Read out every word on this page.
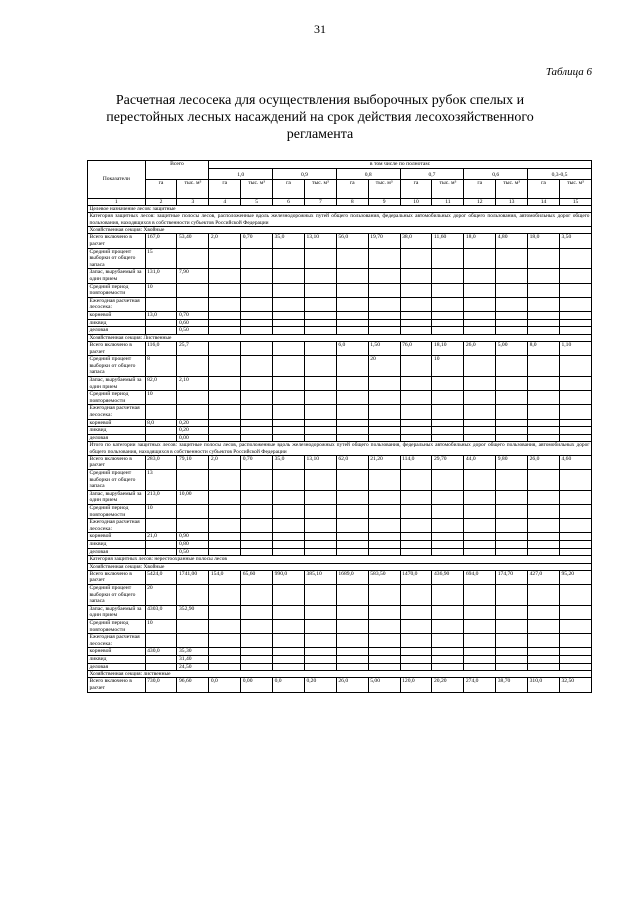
31
Таблица 6
Расчетная лесосека для осуществления выборочных рубок спелых и перестойных лесных насаждений на срок действия лесохозяйственного регламента
Показатели	Всего		в том числе по полнотам:											
			1,0		0,9		0,8		0,7		0,6		0,3-0,5	
	га	тыс. м³	га	тыс. м³	га	тыс. м³	га	тыс. м³	га	тыс. м³	га	тыс. м³	га	тыс. м³
1	2	3	4	5	6	7	8	9	10	11	12	13	14	15
Целевое назначение лесов: защитные														
Категория защитных лесов: защитные полосы лесов, расположенные вдоль железнодорожных путей общего пользования, федеральных автомобильных дорог общего пользования, автомобильных дорог общего пользования, находящихся в собственности субъектов Российской Федерации														
Хозяйственная секция: Хвойные														
Всего включено в расчет	167,0	53,40	2,0	0,70	35,0	13,10	56,0	19,70	38,0	11,60	18,0	4,80	18,0	3,50
Средний процент выборки от общего запаса	15													
Запас, вырубаемый за один прием	131,0	7,90												
Средний период повторяемости	10													
Ежегодная расчетная лесосека:														
корневой	13,0	0,70												
ликвид		0,60												
деловая		0,50												
Хозяйственная секция: Лиственные														
Всего включено в расчет	116,0	25,7					6,0	1,50	76,0	18,10	26,0	5,00	8,0	1,10
Средний процент выборки от общего запаса	8							20		10				
Запас, вырубаемый за один прием	82,0	2,10												
Средний период повторяемости	10													
Ежегодная расчетная лесосека:														
корневой	8,0	0,20												
ликвид		0,20												
деловая		0,00												
Итого по категории защитных лесов: защитные полосы лесов, расположенные вдоль железнодорожных путей общего пользования, федеральных автомобильных дорог общего пользования, автомобильных дорог общего пользования, находящихся в собственности субъектов Российской Федерации														
Всего включено в расчет	283,0	79,10	2,0	0,70	35,0	13,10	62,0	21,20	114,0	29,70	44,0	9,80	26,0	4,60
Средний процент выборки от общего запаса	13													
Запас, вырубаемый за один прием	213,0	10,00												
Средний период повторяемости	10													
Ежегодная расчетная лесосека:														
корневой	21,0	0,90												
ликвид		0,80												
деловая		0,50												
Категория защитных лесов: нерестоохранные полосы лесов														
Хозяйственная секция: Хвойные														
Всего включено в расчет	5424,0	1741,00	154,0	65,60	990,0	385,10	1689,0	583,50	1470,0	436,90	694,0	174,70	427,0	95,20
Средний процент выборки от общего запаса	20													
Запас, вырубаемый за один прием	4303,0	352,90												
Средний период повторяемости	10													
Ежегодная расчетная лесосека:														
корневой	430,0	35,30												
ликвид		31,40												
деловая		24,50												
Хозяйственная секция: лиственные														
Всего включено в расчет	730,0	96,60	0,0	0,00	0,0	0,20	26,0	5,00	120,0	20,20	274,0	38,70	310,0	32,50
